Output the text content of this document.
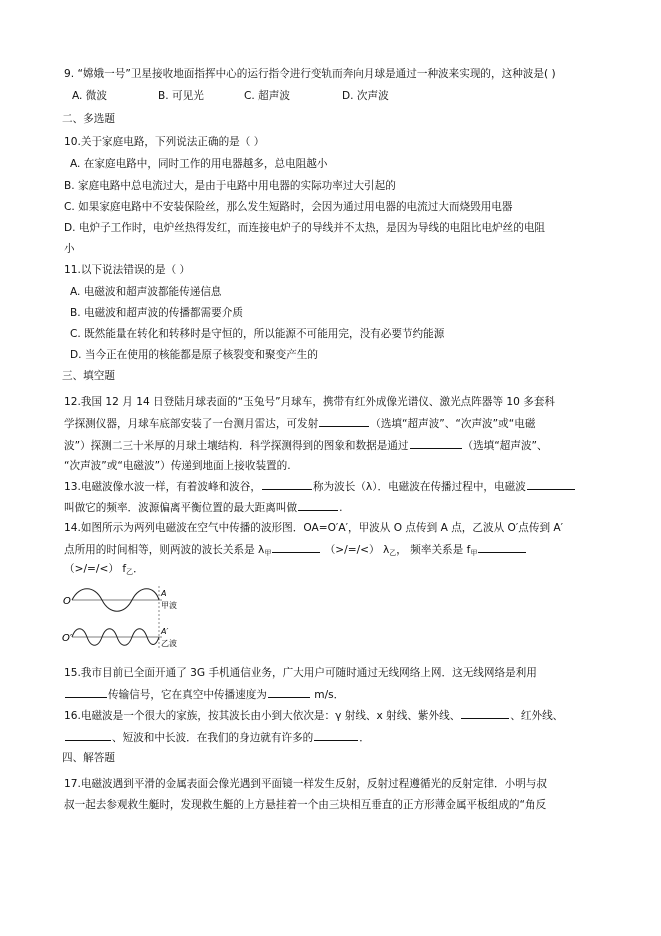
9. “嫦娥一号”卫星接收地面指挥中心的运行指令进行变轨而奔向月球是通过一种波来实现的，这种波是( )
A. 微波	B. 可见光	C. 超声波	D. 次声波
二、多选题
10.关于家庭电路，下列说法正确的是（ ）
A. 在家庭电路中，同时工作的用电器越多，总电阻越小
B. 家庭电路中总电流过大，是由于电路中用电器的实际功率过大引起的
C. 如果家庭电路中不安装保险丝，那么发生短路时，会因为通过用电器的电流过大而烧毁用电器
D. 电炉子工作时，电炉丝热得发红，而连接电炉子的导线并不太热，是因为导线的电阻比电炉丝的电阻
小
11.以下说法错误的是（ ）
A. 电磁波和超声波都能传递信息
B. 电磁波和超声波的传播都需要介质
C. 既然能量在转化和转移时是守恒的，所以能源不可能用完，没有必要节约能源
D. 当今正在使用的核能都是原子核裂变和聚变产生的
三、填空题
12.我国 12 月 14 日登陆月球表面的“玉兔号”月球车，携带有红外成像光谱仪、激光点阵器等 10 多套科
学探测仪器，月球车底部安装了一台测月雷达，可发射	（选填“超声波”、“次声波”或“电磁
波”）探测二三十米厚的月球土壤结构．科学探测得到的图象和数据是通过	（选填“超声波”、
“次声波”或“电磁波”）传递到地面上接收装置的.
13.电磁波像水波一样，有着波峰和波谷，	称为波长（λ）．电磁波在传播过程中，电磁波
叫做它的频率．波源偏离平衡位置的最大距离叫做	.
14.如图所示为两列电磁波在空气中传播的波形图．OA=O′A′，甲波从 O 点传到 A 点，乙波从 O′点传到 A′
点所用的时间相等，则两波的波长关系是 $\lambda_甲$	（>/=/<） $\lambda_乙$， 频率关系是 $f_甲$
（>/=/<） $f_乙$．
O
A
甲波
O′
A′
乙波
15.我市目前已全面开通了 3G 手机通信业务，广大用户可随时通过无线网络上网．这无线网络是利用
传输信号，它在真空中传播速度为	m/s．
16.电磁波是一个很大的家族，按其波长由小到大依次是：γ 射线、x 射线、紫外线、	、红外线、
、短波和中长波．在我们的身边就有许多的	．
四、解答题
17.电磁波遇到平滑的金属表面会像光遇到平面镜一样发生反射，反射过程遵循光的反射定律．小明与叔
叔一起去参观救生艇时，发现救生艇的上方悬挂着一个由三块相互垂直的正方形薄金属平板组成的“角反
